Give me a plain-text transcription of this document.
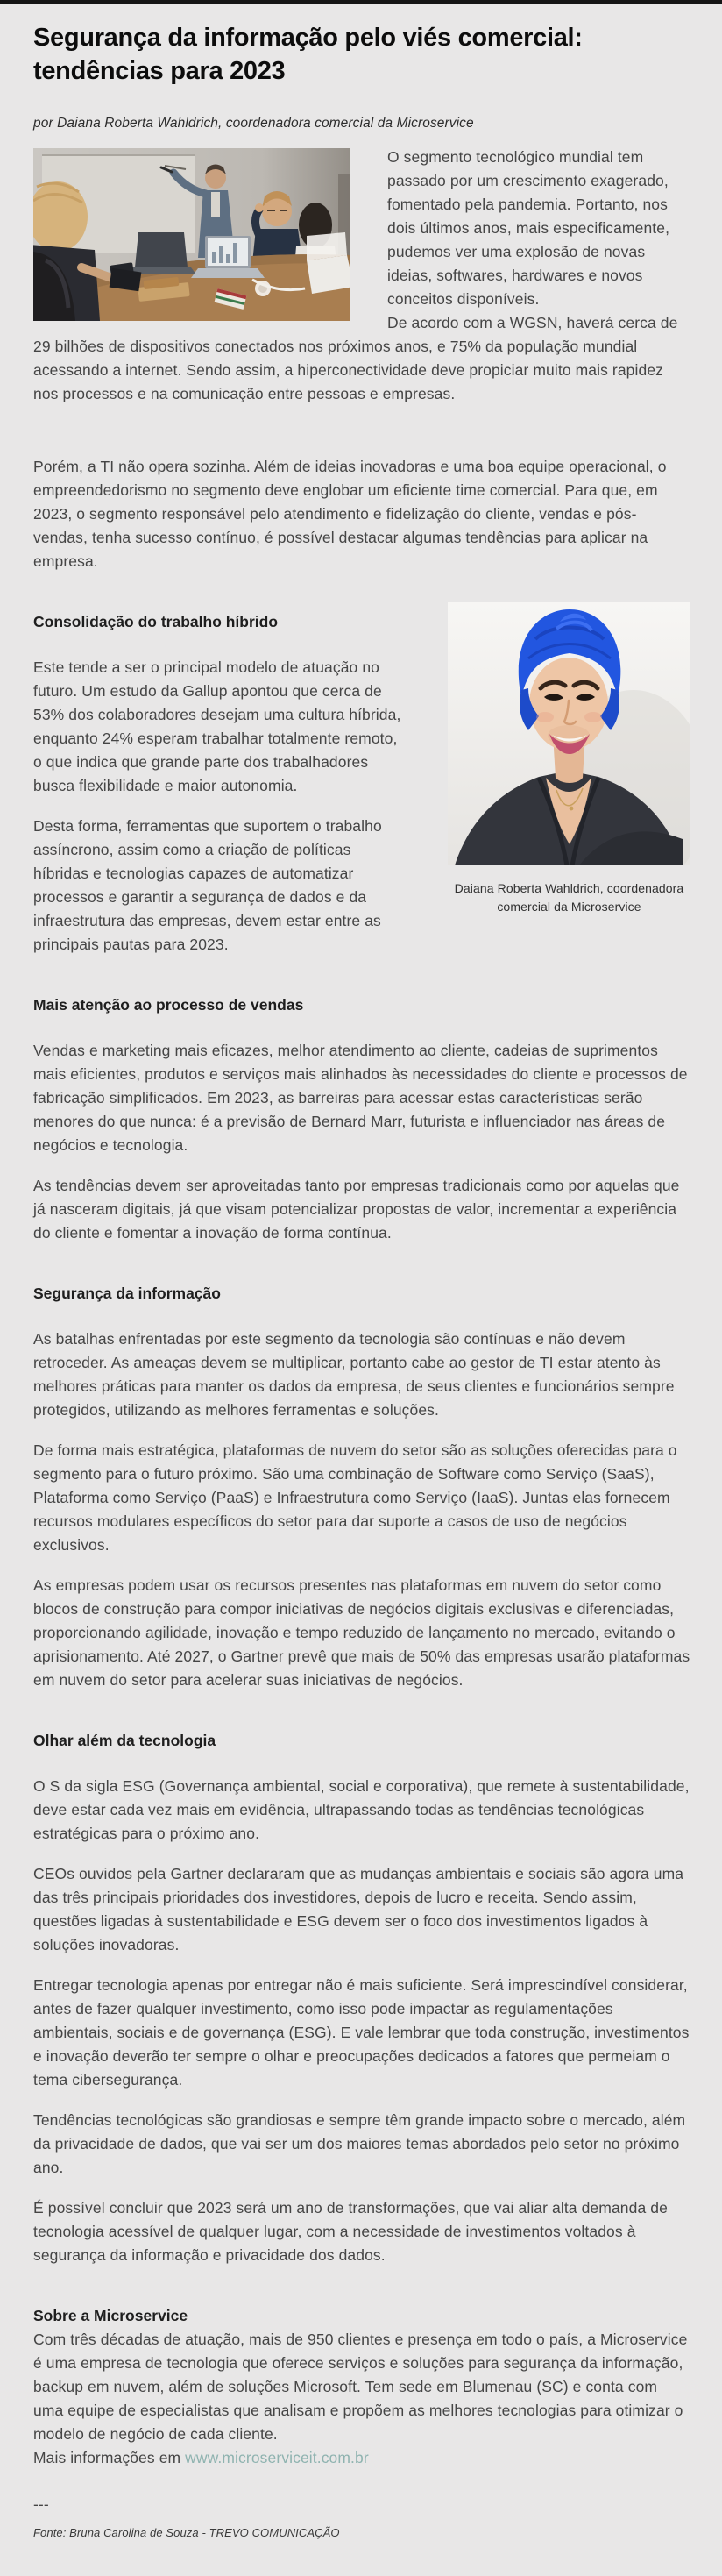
Segurança da informação pelo viés comercial: tendências para 2023

por Daiana Roberta Wahldrich, coordenadora comercial da Microservice

O segmento tecnológico mundial tem passado por um crescimento exagerado, fomentado pela pandemia. Portanto, nos dois últimos anos, mais especificamente, pudemos ver uma explosão de novas ideias, softwares, hardwares e novos conceitos disponíveis.

De acordo com a WGSN, haverá cerca de 29 bilhões de dispositivos conectados nos próximos anos, e 75% da população mundial acessando a internet. Sendo assim, a hiperconectividade deve propiciar muito mais rapidez nos processos e na comunicação entre pessoas e empresas.

Porém, a TI não opera sozinha. Além de ideias inovadoras e uma boa equipe operacional, o empreendedorismo no segmento deve englobar um eficiente time comercial. Para que, em 2023, o segmento responsável pelo atendimento e fidelização do cliente, vendas e pós-vendas, tenha sucesso contínuo, é possível destacar algumas tendências para aplicar na empresa.

Daiana Roberta Wahldrich, coordenadora comercial da Microservice
Consolidação do trabalho híbrido

Este tende a ser o principal modelo de atuação no futuro. Um estudo da Gallup apontou que cerca de 53% dos colaboradores desejam uma cultura híbrida, enquanto 24% esperam trabalhar totalmente remoto, o que indica que grande parte dos trabalhadores busca flexibilidade e maior autonomia.

Desta forma, ferramentas que suportem o trabalho assíncrono, assim como a criação de políticas híbridas e tecnologias capazes de automatizar processos e garantir a segurança de dados e da infraestrutura das empresas, devem estar entre as principais pautas para 2023.

Mais atenção ao processo de vendas

Vendas e marketing mais eficazes, melhor atendimento ao cliente, cadeias de suprimentos mais eficientes, produtos e serviços mais alinhados às necessidades do cliente e processos de fabricação simplificados. Em 2023, as barreiras para acessar estas características serão menores do que nunca: é a previsão de Bernard Marr, futurista e influenciador nas áreas de negócios e tecnologia.

As tendências devem ser aproveitadas tanto por empresas tradicionais como por aquelas que já nasceram digitais, já que visam potencializar propostas de valor, incrementar a experiência do cliente e fomentar a inovação de forma contínua.

Segurança da informação

As batalhas enfrentadas por este segmento da tecnologia são contínuas e não devem retroceder. As ameaças devem se multiplicar, portanto cabe ao gestor de TI estar atento às melhores práticas para manter os dados da empresa, de seus clientes e funcionários sempre protegidos, utilizando as melhores ferramentas e soluções.

De forma mais estratégica, plataformas de nuvem do setor são as soluções oferecidas para o segmento para o futuro próximo. São uma combinação de Software como Serviço (SaaS), Plataforma como Serviço (PaaS) e Infraestrutura como Serviço (IaaS). Juntas elas fornecem recursos modulares específicos do setor para dar suporte a casos de uso de negócios exclusivos.

As empresas podem usar os recursos presentes nas plataformas em nuvem do setor como blocos de construção para compor iniciativas de negócios digitais exclusivas e diferenciadas, proporcionando agilidade, inovação e tempo reduzido de lançamento no mercado, evitando o aprisionamento. Até 2027, o Gartner prevê que mais de 50% das empresas usarão plataformas em nuvem do setor para acelerar suas iniciativas de negócios.

Olhar além da tecnologia

O S da sigla ESG (Governança ambiental, social e corporativa), que remete à sustentabilidade, deve estar cada vez mais em evidência, ultrapassando todas as tendências tecnológicas estratégicas para o próximo ano.

CEOs ouvidos pela Gartner declararam que as mudanças ambientais e sociais são agora uma das três principais prioridades dos investidores, depois de lucro e receita. Sendo assim, questões ligadas à sustentabilidade e ESG devem ser o foco dos investimentos ligados à soluções inovadoras.

Entregar tecnologia apenas por entregar não é mais suficiente. Será imprescindível considerar, antes de fazer qualquer investimento, como isso pode impactar as regulamentações ambientais, sociais e de governança (ESG). E vale lembrar que toda construção, investimentos e inovação deverão ter sempre o olhar e preocupações dedicados a fatores que permeiam o tema cibersegurança.

Tendências tecnológicas são grandiosas e sempre têm grande impacto sobre o mercado, além da privacidade de dados, que vai ser um dos maiores temas abordados pelo setor no próximo ano.

É possível concluir que 2023 será um ano de transformações, que vai aliar alta demanda de tecnologia acessível de qualquer lugar, com a necessidade de investimentos voltados à segurança da informação e privacidade dos dados.

Sobre a Microservice

Com três décadas de atuação, mais de 950 clientes e presença em todo o país, a Microservice é uma empresa de tecnologia que oferece serviços e soluções para segurança da informação, backup em nuvem, além de soluções Microsoft. Tem sede em Blumenau (SC) e conta com uma equipe de especialistas que analisam e propõem as melhores tecnologias para otimizar o modelo de negócio de cada cliente.

Mais informações em www.microserviceit.com.br

---

Fonte: Bruna Carolina de Souza - TREVO COMUNICAÇÃO
